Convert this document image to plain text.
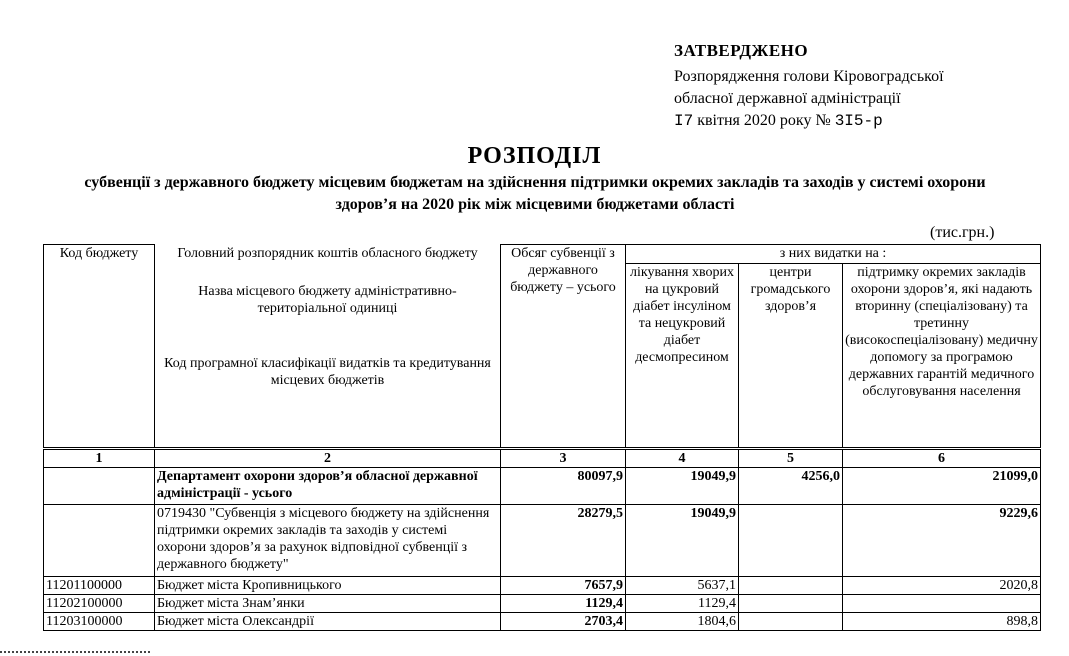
ЗАТВЕРДЖЕНО
Розпорядження голови Кіровоградської
обласної державної адміністрації
I7 квітня 2020 року № 3I5-р
РОЗПОДІЛ
субвенції з державного бюджету місцевим бюджетам на здійснення підтримки окремих закладів та заходів у системі охорони здоров’я на 2020 рік між місцевими бюджетами області
(тис.грн.)
Код бюджету	Головний розпорядник коштів обласного бюджету	Обсяг субвенції з державного бюджету – усього	з них видатки на :		
			лікування хворих на цукровий діабет інсуліном та нецукровий діабет десмопресином	центри громадського здоров’я	підтримку окремих закладів охорони здоров’я, які надають вторинну (спеціалізовану) та третинну (високоспеціалізовану) медичну допомогу за програмою державних гарантій медичного обслуговування населення
	Назва місцевого бюджету адміністративно-територіальної одиниці				
	Код програмної класифікації видатків та кредитування місцевих бюджетів				
1	2	3	4	5	6
	Департамент охорони здоров’я обласної державної адміністрації - усього	80097,9	19049,9	4256,0	21099,0
	0719430 "Субвенція з місцевого бюджету на здійснення підтримки окремих закладів та заходів у системі охорони здоров’я за рахунок відповідної субвенції з державного бюджету"	28279,5	19049,9		9229,6
11201100000	Бюджет міста Кропивницького	7657,9	5637,1		2020,8
11202100000	Бюджет міста Знам’янки	1129,4	1129,4		
11203100000	Бюджет міста Олександрії	2703,4	1804,6		898,8
